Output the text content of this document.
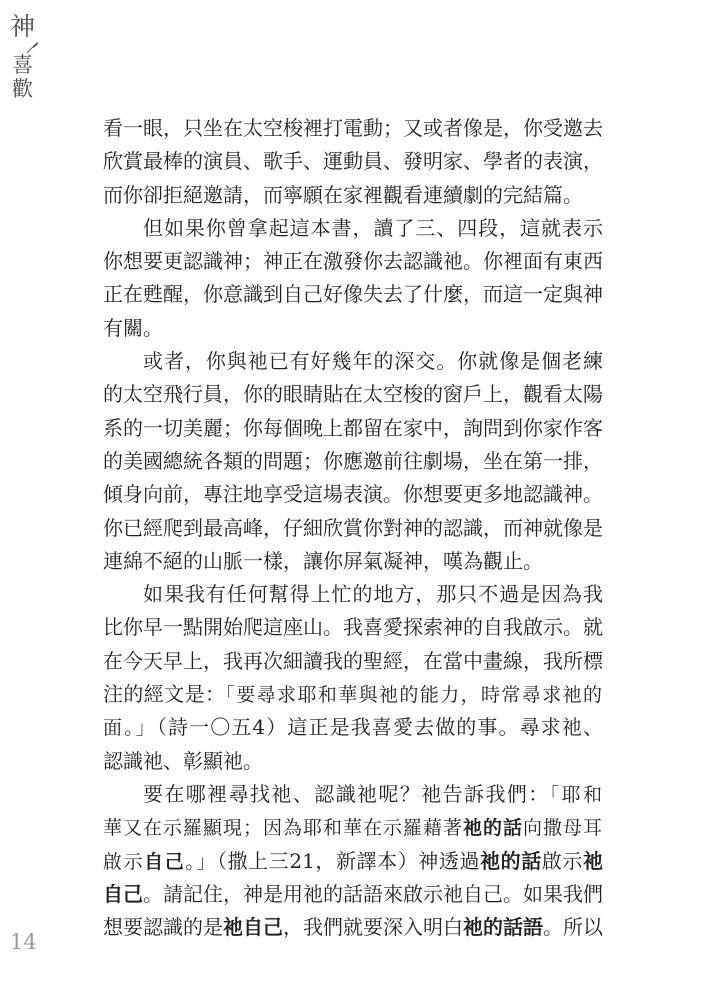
神
喜
歡
看一眼，只坐在太空梭裡打電動；又或者像是，你受邀去
欣賞最棒的演員、歌手、運動員、發明家、學者的表演，
而你卻拒絕邀請，而寧願在家裡觀看連續劇的完結篇。
但如果你曾拿起這本書，讀了三、四段，這就表示
你想要更認識神；神正在激發你去認識祂。你裡面有東西
正在甦醒，你意識到自己好像失去了什麼，而這一定與神
有關。
或者，你與祂已有好幾年的深交。你就像是個老練
的太空飛行員，你的眼睛貼在太空梭的窗戶上，觀看太陽
系的一切美麗；你每個晚上都留在家中，詢問到你家作客
的美國總統各類的問題；你應邀前往劇場，坐在第一排，
傾身向前，專注地享受這場表演。你想要更多地認識神。
你已經爬到最高峰，仔細欣賞你對神的認識，而神就像是
連綿不絕的山脈一樣，讓你屏氣凝神，嘆為觀止。
如果我有任何幫得上忙的地方，那只不過是因為我
比你早一點開始爬這座山。我喜愛探索神的自我啟示。就
在今天早上，我再次細讀我的聖經，在當中畫線，我所標
注的經文是：「要尋求耶和華與祂的能力，時常尋求祂的
面。」（詩一〇五4）這正是我喜愛去做的事。尋求祂、
認識祂、彰顯祂。
要在哪裡尋找祂、認識祂呢？祂告訴我們：「耶和
華又在示羅顯現；因為耶和華在示羅藉著祂的話向撒母耳
啟示自己。」（撒上三21，新譯本）神透過祂的話啟示祂
自己。請記住，神是用祂的話語來啟示祂自己。如果我們
想要認識的是祂自己，我們就要深入明白祂的話語。所以
14
